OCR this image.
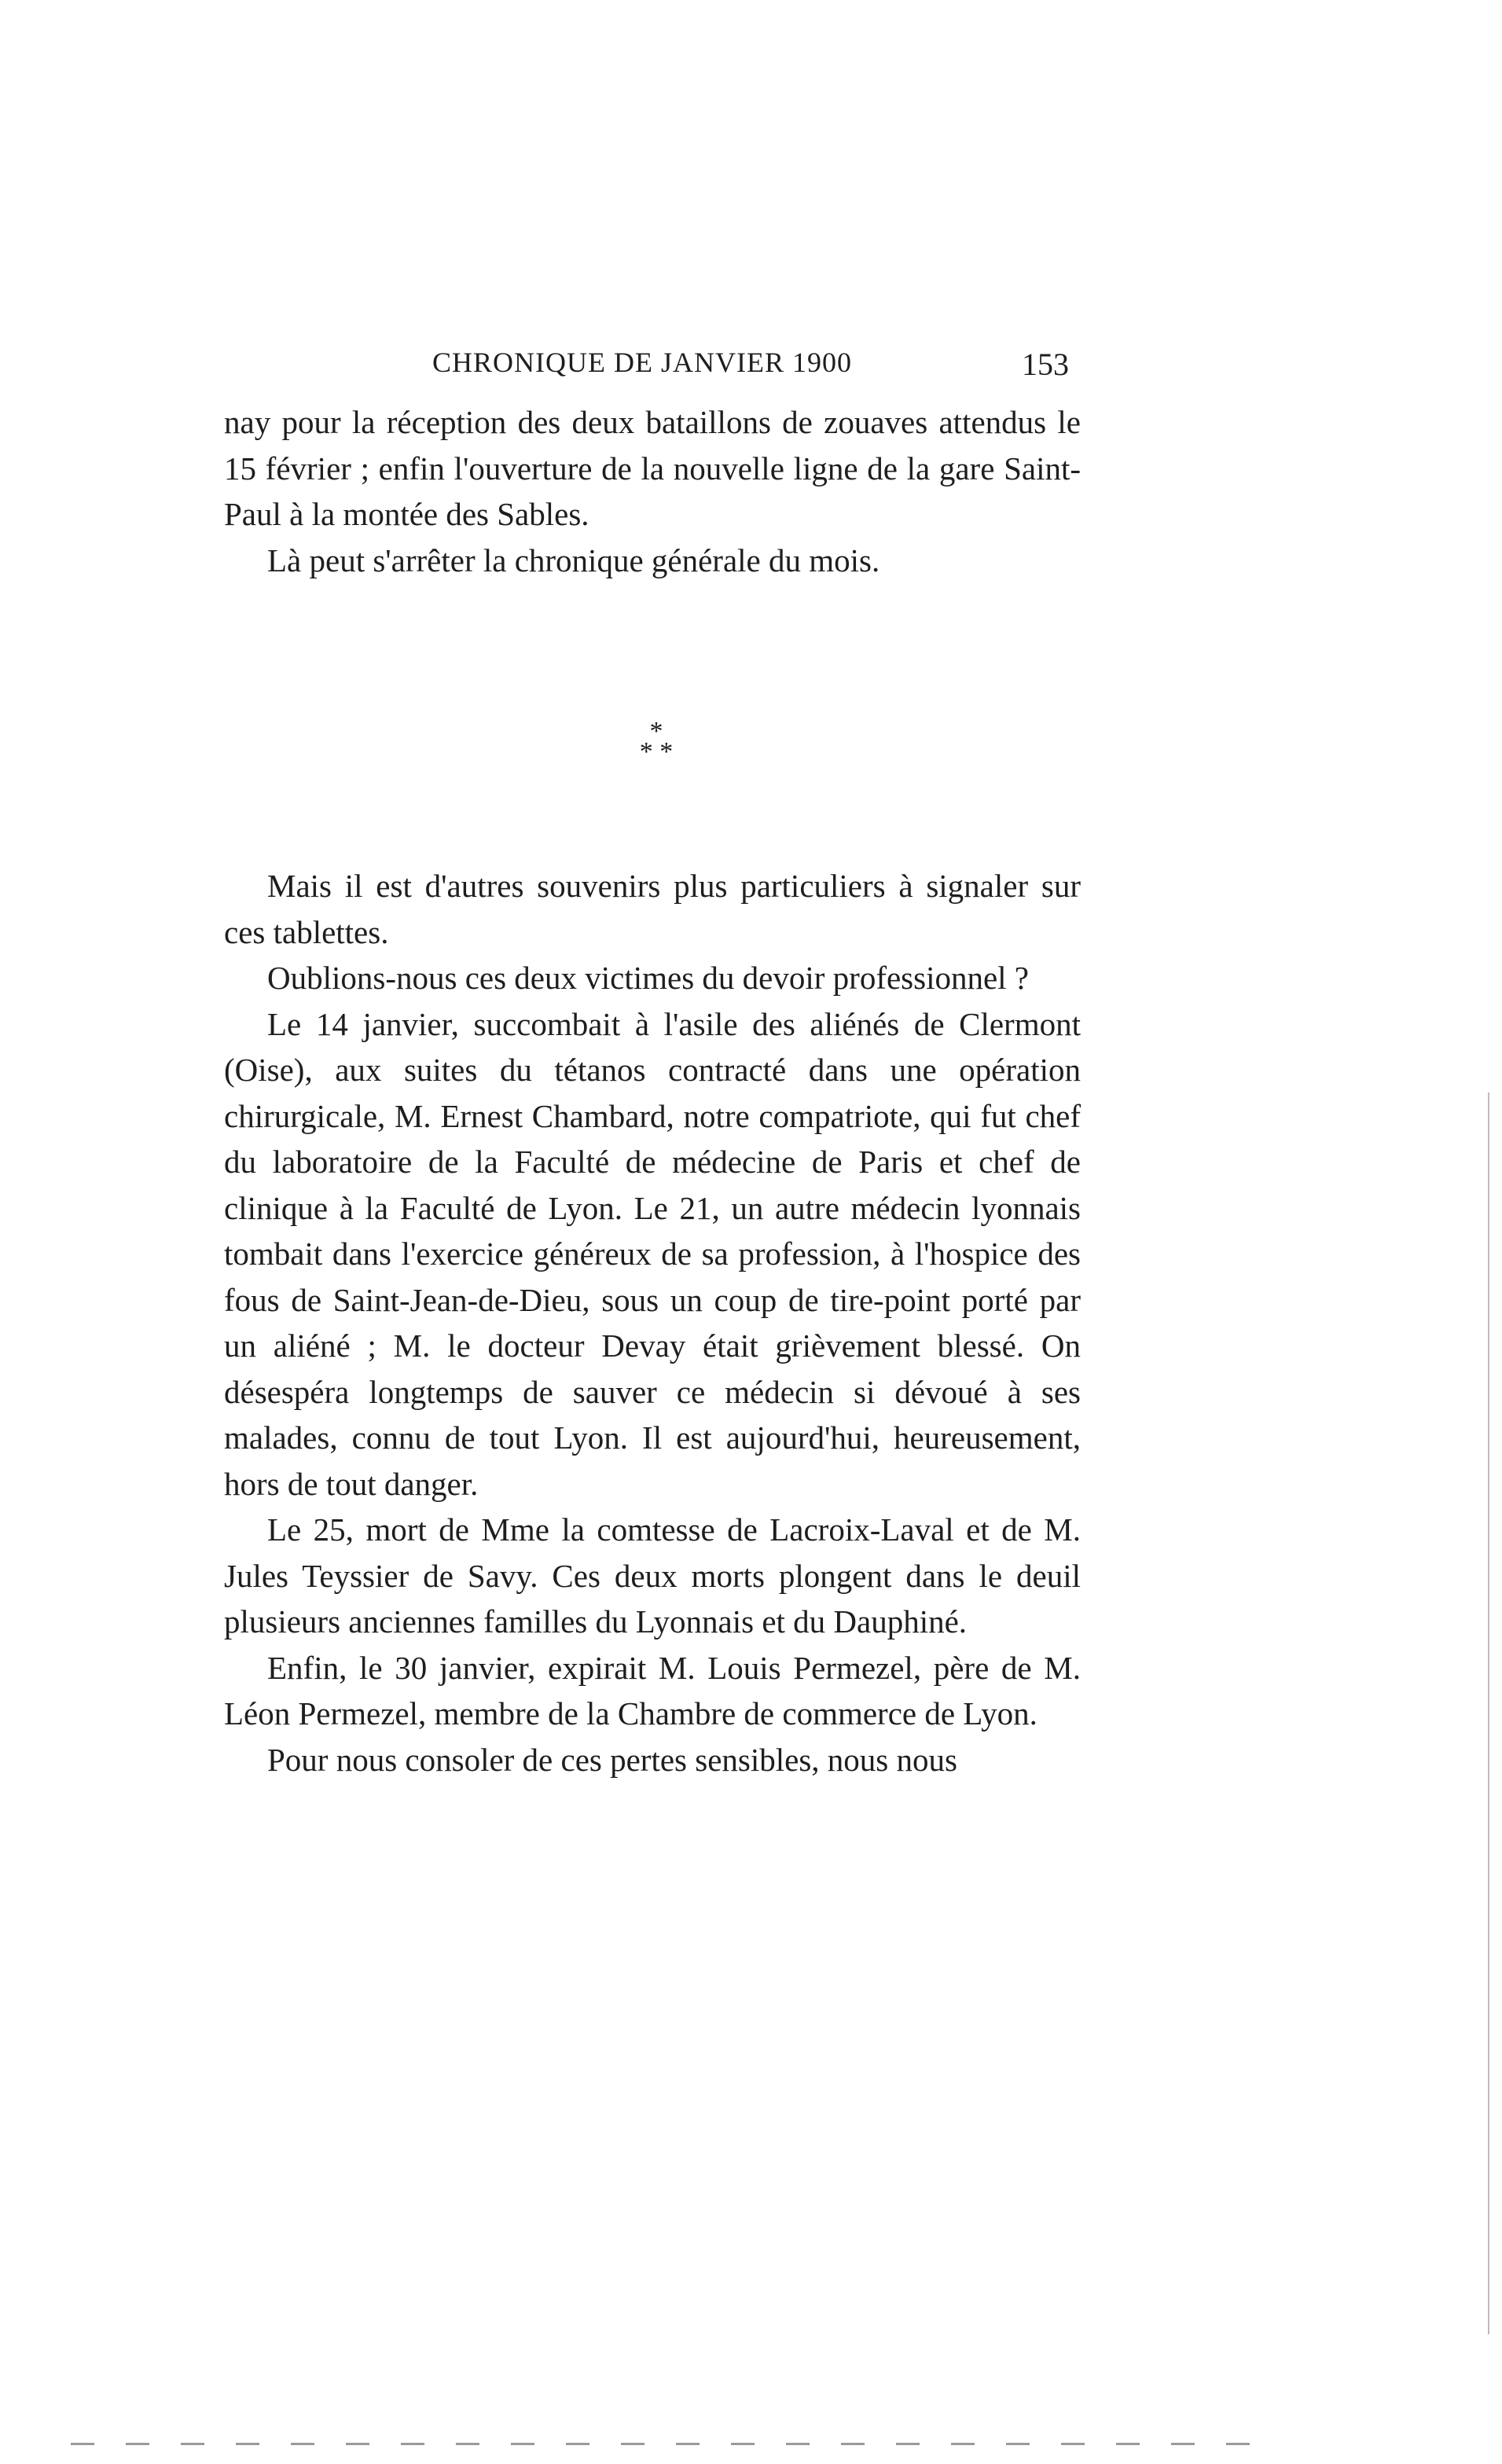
CHRONIQUE DE JANVIER 1900	153

nay pour la réception des deux bataillons de zouaves attendus le 15 février ; enfin l'ouverture de la nouvelle ligne de la gare Saint-Paul à la montée des Sables.

Là peut s'arrêter la chronique générale du mois.

*
* *

Mais il est d'autres souvenirs plus particuliers à signaler sur ces tablettes.

Oublions-nous ces deux victimes du devoir professionnel ?

Le 14 janvier, succombait à l'asile des aliénés de Clermont (Oise), aux suites du tétanos contracté dans une opération chirurgicale, M. Ernest Chambard, notre compatriote, qui fut chef du laboratoire de la Faculté de médecine de Paris et chef de clinique à la Faculté de Lyon. Le 21, un autre médecin lyonnais tombait dans l'exercice généreux de sa profession, à l'hospice des fous de Saint-Jean-de-Dieu, sous un coup de tire-point porté par un aliéné ; M. le docteur Devay était grièvement blessé. On désespéra longtemps de sauver ce médecin si dévoué à ses malades, connu de tout Lyon. Il est aujourd'hui, heureusement, hors de tout danger.

Le 25, mort de Mme la comtesse de Lacroix-Laval et de M. Jules Teyssier de Savy. Ces deux morts plongent dans le deuil plusieurs anciennes familles du Lyonnais et du Dauphiné.

Enfin, le 30 janvier, expirait M. Louis Permezel, père de M. Léon Permezel, membre de la Chambre de commerce de Lyon.

Pour nous consoler de ces pertes sensibles, nous nous
